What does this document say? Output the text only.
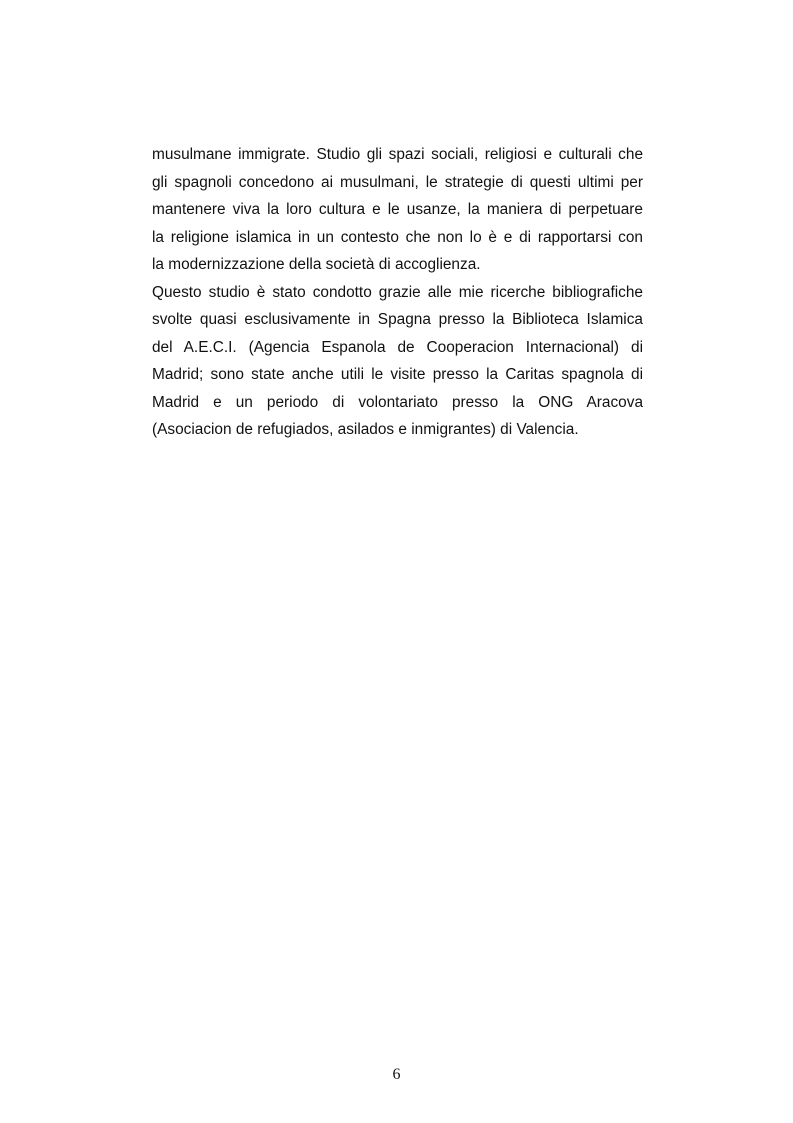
musulmane immigrate. Studio gli spazi sociali, religiosi e culturali che
gli spagnoli concedono ai musulmani, le strategie di questi ultimi per
mantenere viva la loro cultura e le usanze, la maniera di perpetuare
la religione islamica in un contesto che non lo è e di rapportarsi con
la modernizzazione della società di accoglienza.
Questo studio è stato condotto grazie alle mie ricerche bibliografiche
svolte quasi esclusivamente in Spagna presso la Biblioteca Islamica
del A.E.C.I. (Agencia Espanola de Cooperacion Internacional) di
Madrid; sono state anche utili le visite presso la Caritas spagnola di
Madrid e un periodo di volontariato presso la ONG Aracova
(Asociacion de refugiados, asilados e inmigrantes) di Valencia.
6
